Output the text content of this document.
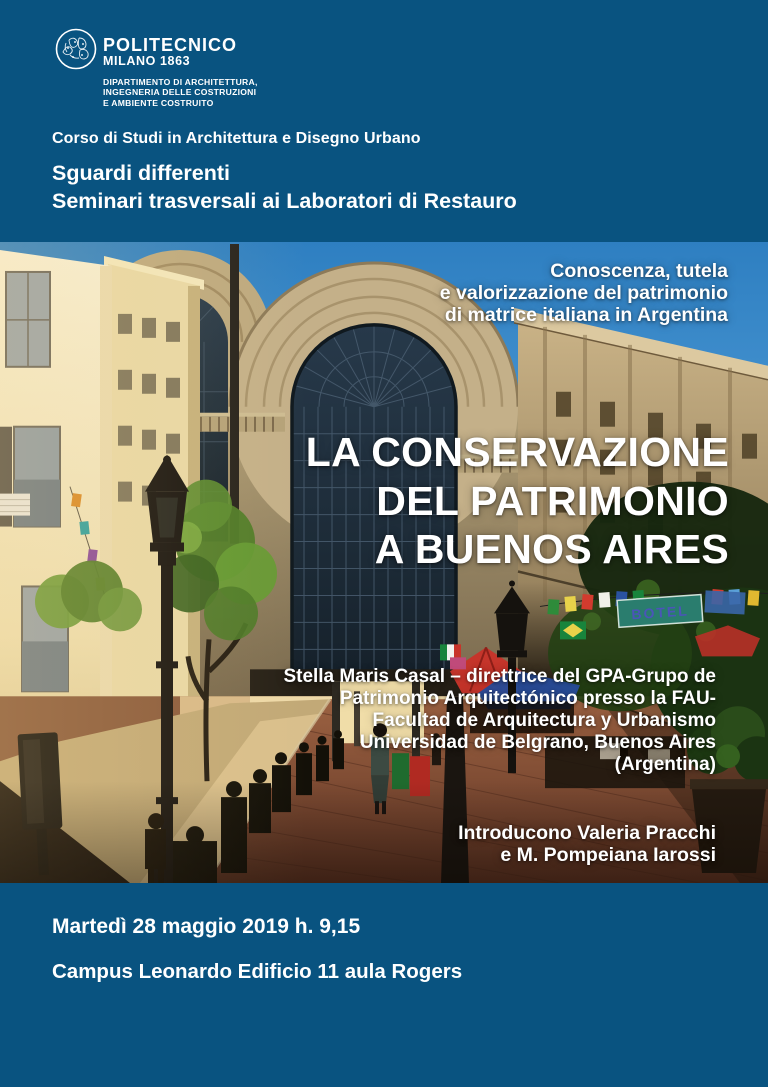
POLITECNICO
MILANO 1863
DIPARTIMENTO DI ARCHITETTURA,
INGEGNERIA DELLE COSTRUZIONI
E AMBIENTE COSTRUITO
Corso di Studi in Architettura e Disegno Urbano
Sguardi differenti
Seminari trasversali ai Laboratori di Restauro
Conoscenza, tutela
e valorizzazione del patrimonio
di matrice italiana in Argentina
LA CONSERVAZIONE
DEL PATRIMONIO
A BUENOS AIRES
Stella Maris Casal – direttrice del GPA-Grupo de
Patrimonio Arquitectónico presso la FAU-
Facultad de Arquitectura y Urbanismo
Universidad de Belgrano, Buenos Aires
(Argentina)
Introducono Valeria Pracchi
e M. Pompeiana Iarossi
Martedì 28 maggio 2019 h. 9,15
Campus Leonardo Edificio 11 aula Rogers
